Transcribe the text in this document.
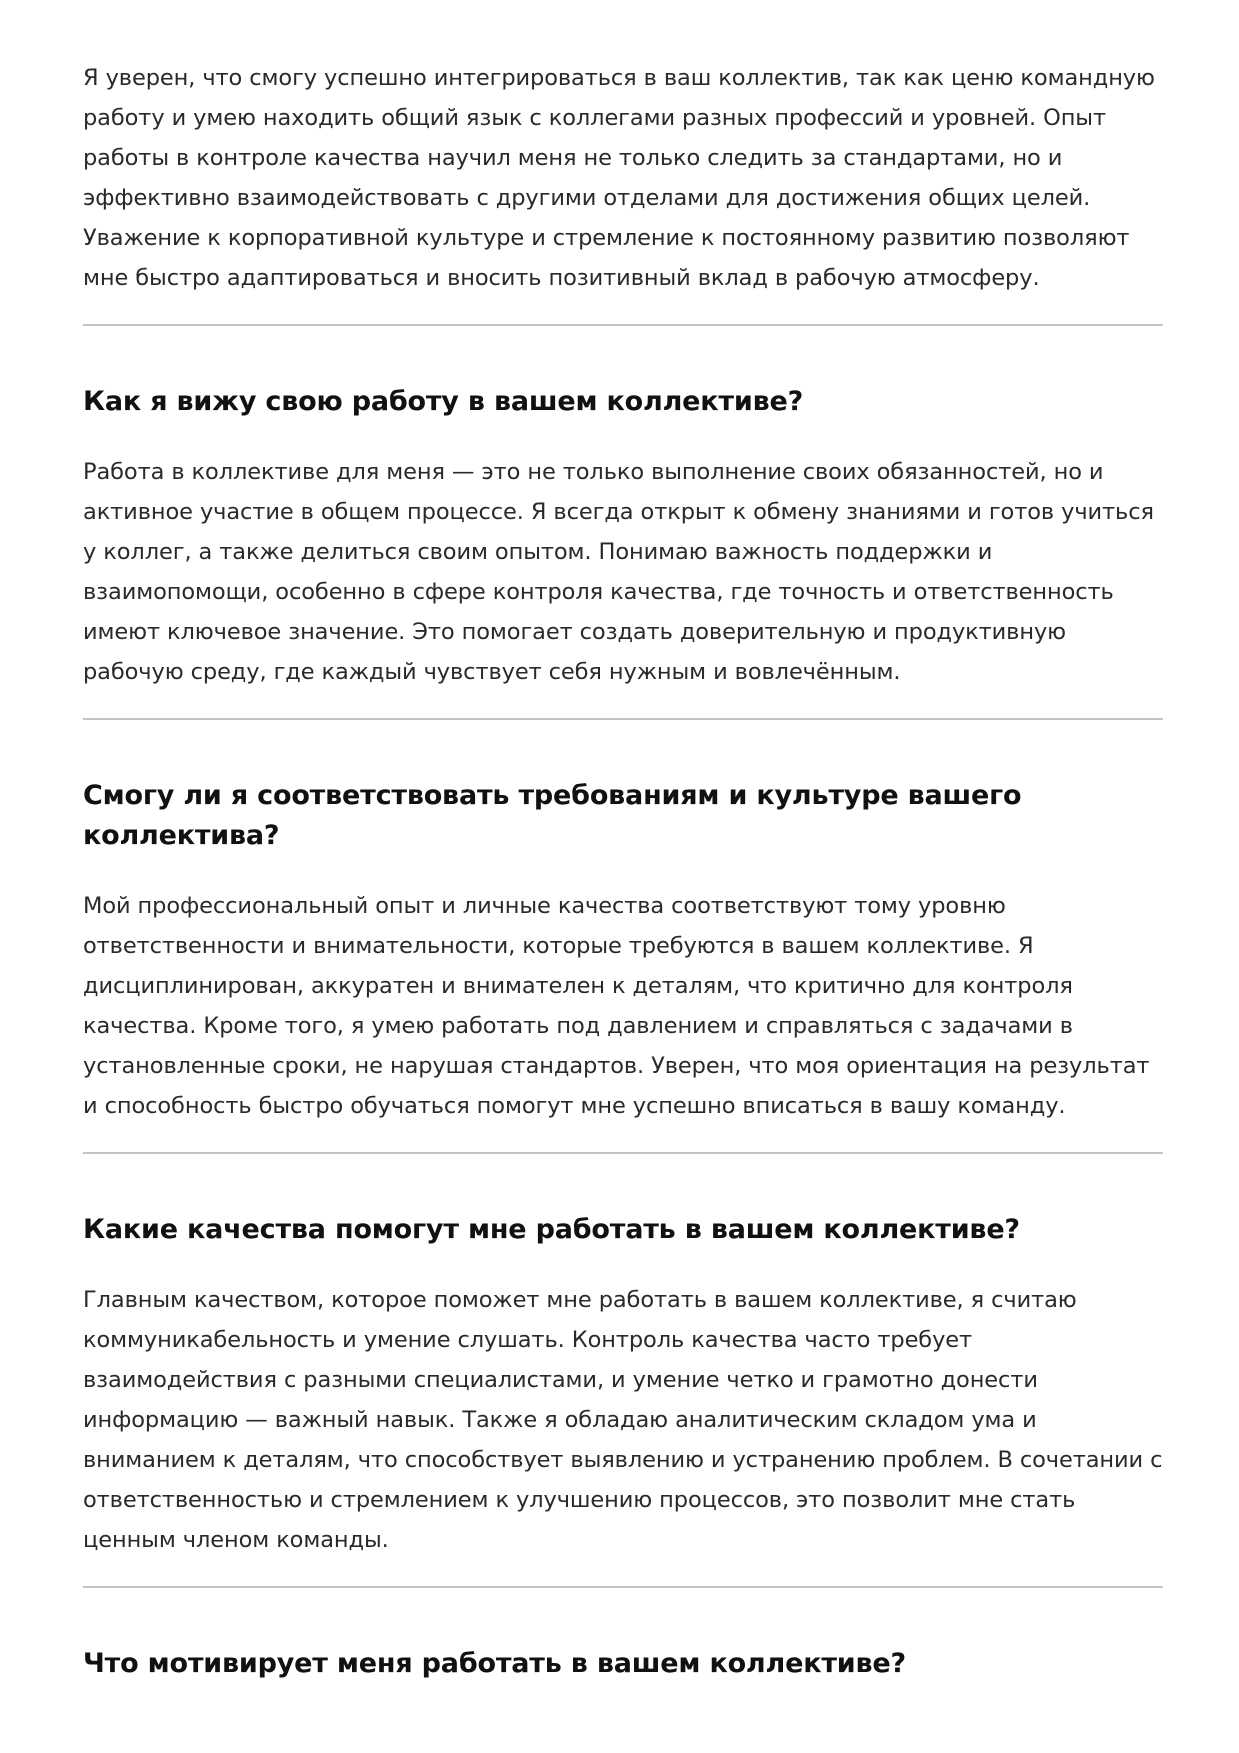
Я уверен, что смогу успешно интегрироваться в ваш коллектив, так как ценю командную работу и умею находить общий язык с коллегами разных профессий и уровней. Опыт работы в контроле качества научил меня не только следить за стандартами, но и эффективно взаимодействовать с другими отделами для достижения общих целей. Уважение к корпоративной культуре и стремление к постоянному развитию позволяют мне быстро адаптироваться и вносить позитивный вклад в рабочую атмосферу.

Как я вижу свою работу в вашем коллективе?

Работа в коллективе для меня — это не только выполнение своих обязанностей, но и активное участие в общем процессе. Я всегда открыт к обмену знаниями и готов учиться у коллег, а также делиться своим опытом. Понимаю важность поддержки и взаимопомощи, особенно в сфере контроля качества, где точность и ответственность имеют ключевое значение. Это помогает создать доверительную и продуктивную рабочую среду, где каждый чувствует себя нужным и вовлечённым.

Смогу ли я соответствовать требованиям и культуре вашего коллектива?

Мой профессиональный опыт и личные качества соответствуют тому уровню ответственности и внимательности, которые требуются в вашем коллективе. Я дисциплинирован, аккуратен и внимателен к деталям, что критично для контроля качества. Кроме того, я умею работать под давлением и справляться с задачами в установленные сроки, не нарушая стандартов. Уверен, что моя ориентация на результат и способность быстро обучаться помогут мне успешно вписаться в вашу команду.

Какие качества помогут мне работать в вашем коллективе?

Главным качеством, которое поможет мне работать в вашем коллективе, я считаю коммуникабельность и умение слушать. Контроль качества часто требует взаимодействия с разными специалистами, и умение четко и грамотно донести информацию — важный навык. Также я обладаю аналитическим складом ума и вниманием к деталям, что способствует выявлению и устранению проблем. В сочетании с ответственностью и стремлением к улучшению процессов, это позволит мне стать ценным членом команды.

Что мотивирует меня работать в вашем коллективе?
